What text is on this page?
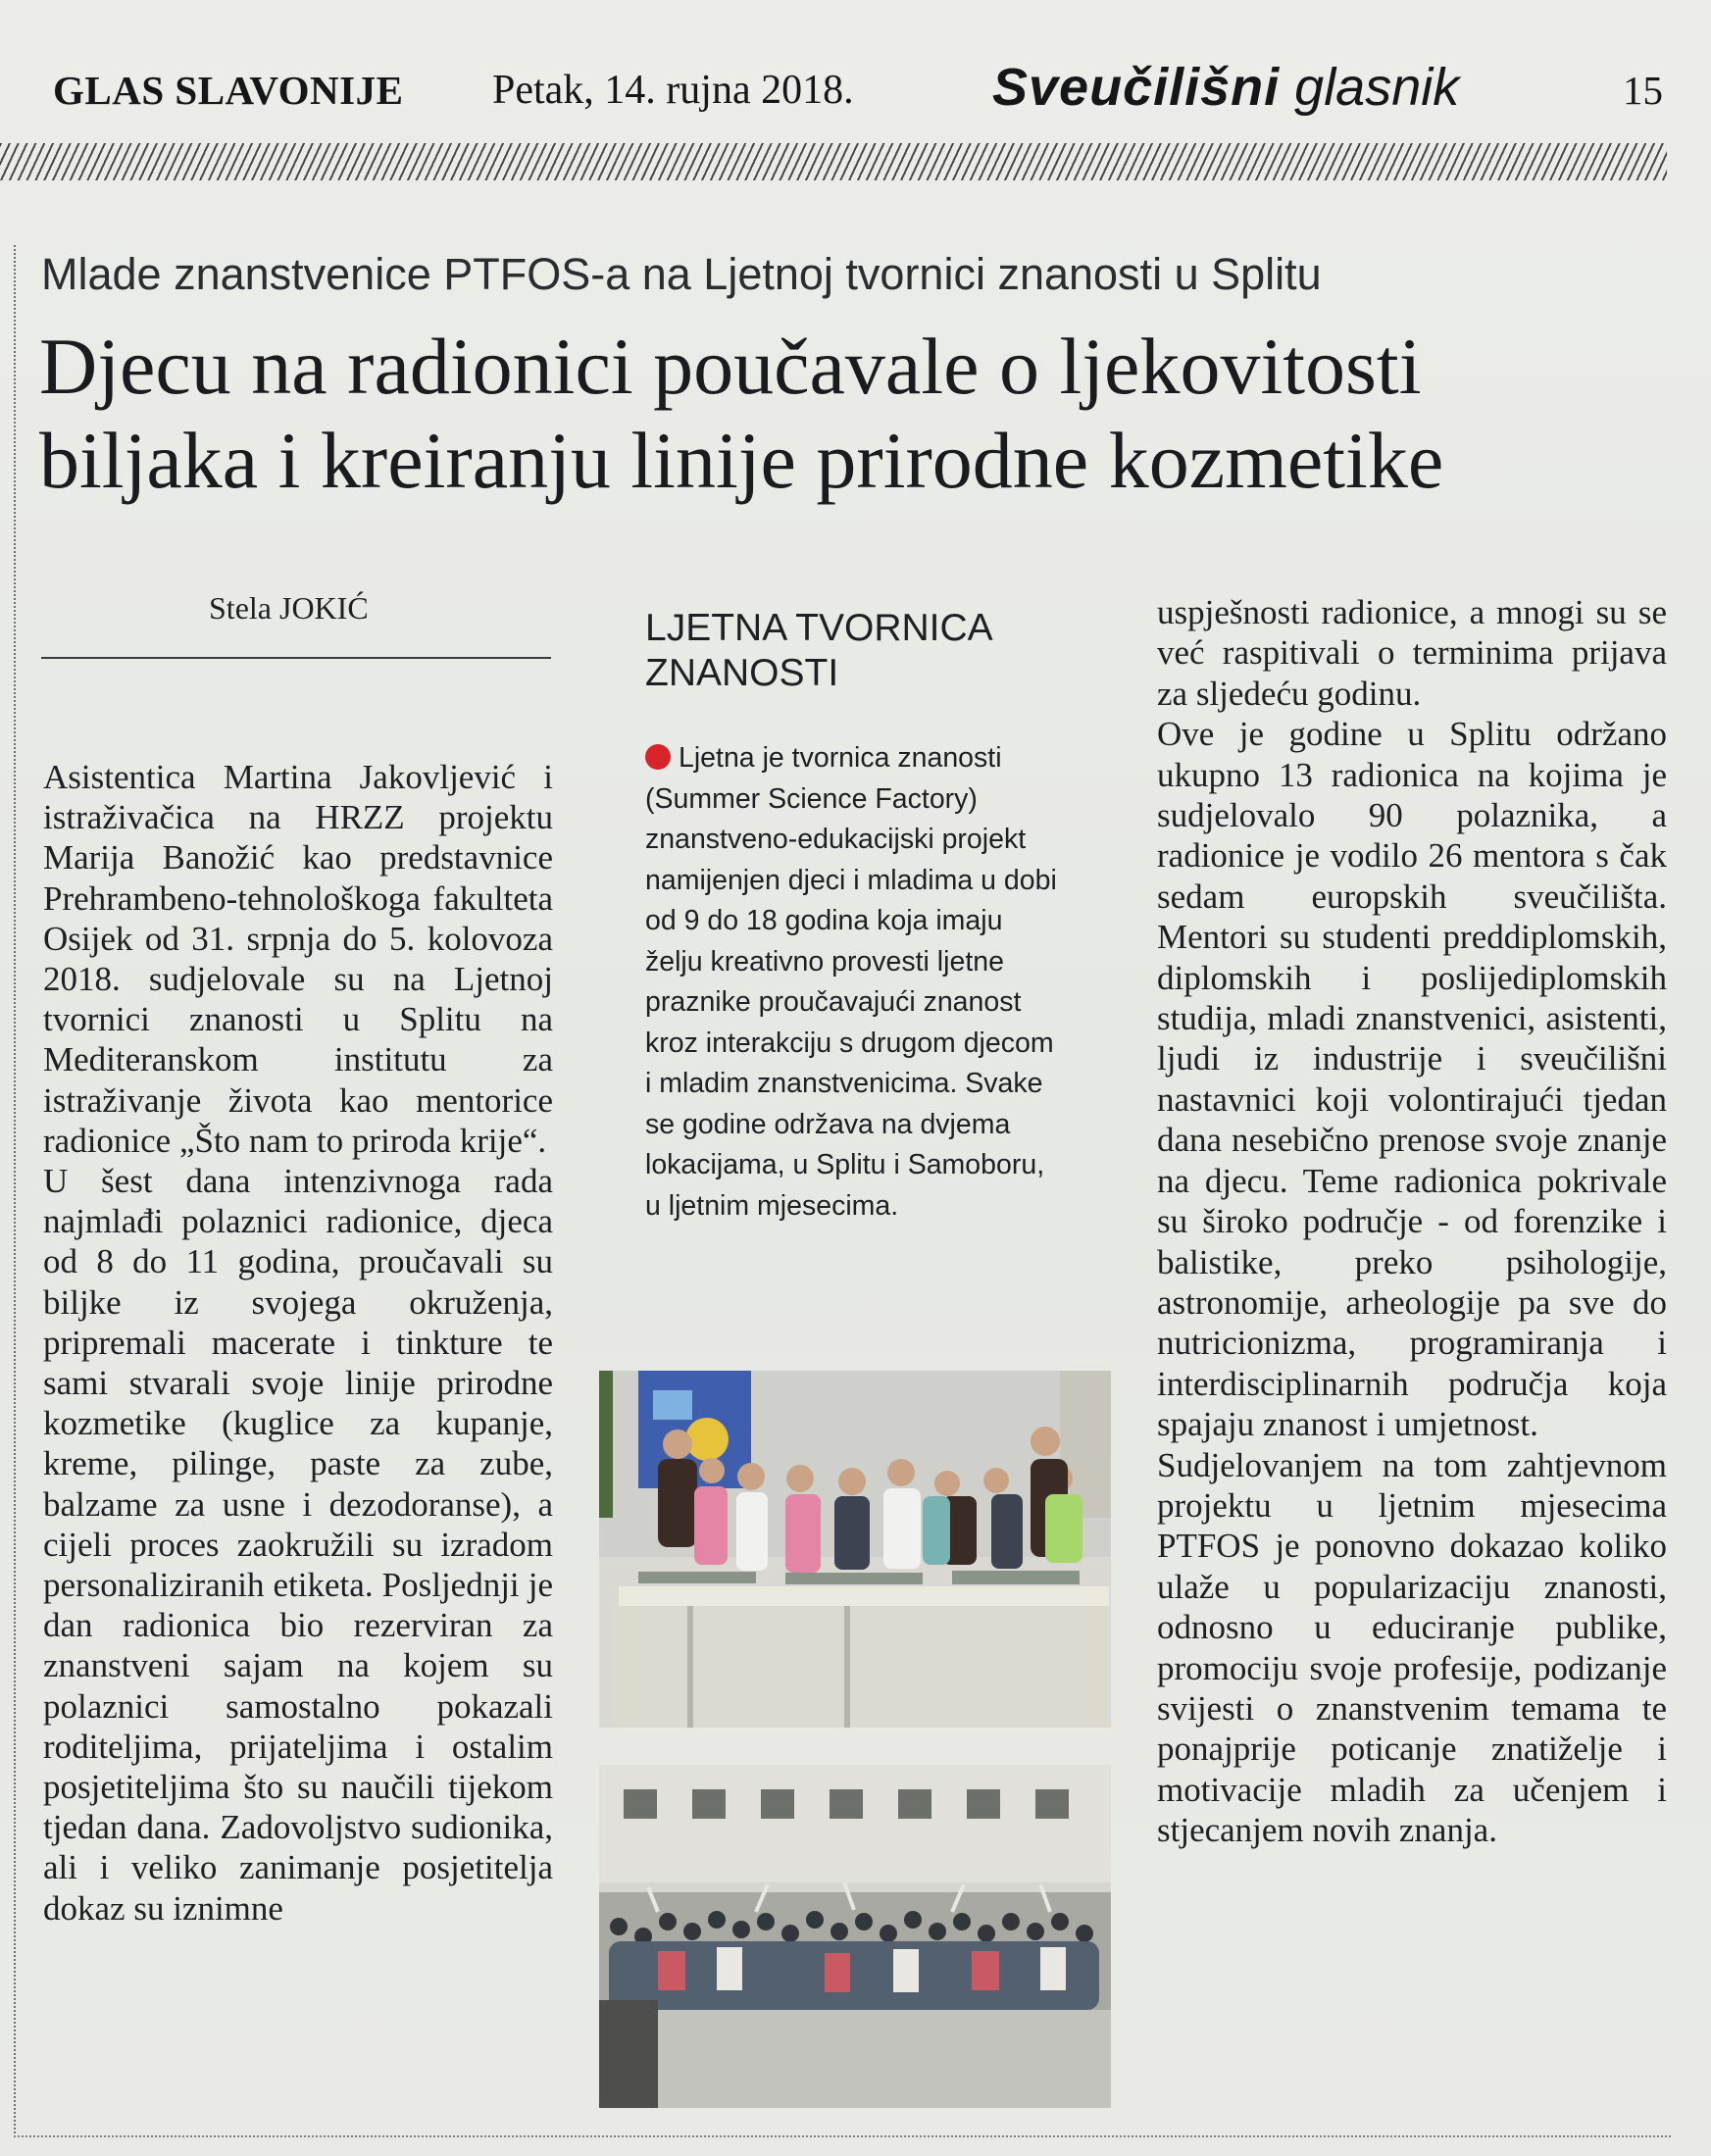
GLAS SLAVONIJE Petak, 14. rujna 2018.	Sveučilišni glasnik	15
Mlade znanstvenice PTFOS-a na Ljetnoj tvornici znanosti u Splitu
Djecu na radionici poučavale o ljekovitosti
biljaka i kreiranju linije prirodne kozmetike
Stela JOKIĆ

Asistentica Martina Jakovljević i istraživačica na HRZZ projektu Marija Banožić kao predstavnice Prehrambeno-tehnološkoga fakulteta Osijek od 31. srpnja do 5. kolovoza 2018. sudjelovale su na Ljetnoj tvornici znanosti u Splitu na Mediteranskom institutu za istraživanje života kao mentorice radionice „Što nam to priroda krije“.

U šest dana intenzivnoga rada najmlađi polaznici radionice, djeca od 8 do 11 godina, proučavali su biljke iz svojega okruženja, pripremali macerate i tinkture te sami stvarali svoje linije prirodne kozmetike (kuglice za kupanje, kreme, pilinge, paste za zube, balzame za usne i dezodoranse), a cijeli proces zaokružili su izradom personaliziranih etiketa. Posljednji je dan radionica bio rezerviran za znanstveni sajam na kojem su polaznici samostalno pokazali roditeljima, prijateljima i ostalim posjetiteljima što su naučili tijekom tjedan dana. Zadovoljstvo sudionika, ali i veliko zanimanje posjetitelja dokaz su iznimne

LJETNA TVORNICA
ZNANOSTI
Ljetna je tvornica znanosti (Summer Science Factory) znanstveno-edukacijski projekt namijenjen djeci i mladima u dobi od 9 do 18 godina koja imaju želju kreativno provesti ljetne praznike proučavajući znanost kroz interakciju s drugom djecom i mladim znanstvenicima. Svake se godine održava na dvjema lokacijama, u Splitu i Samoboru, u ljetnim mjesecima.

uspješnosti radionice, a mnogi su se već raspitivali o terminima prijava za sljedeću godinu.

Ove je godine u Splitu održano ukupno 13 radionica na kojima je sudjelovalo 90 polaznika, a radionice je vodilo 26 mentora s čak sedam europskih sveučilišta. Mentori su studenti preddiplomskih, diplomskih i poslijediplomskih studija, mladi znanstvenici, asistenti, ljudi iz industrije i sveučilišni nastavnici koji volontirajući tjedan dana nesebično prenose svoje znanje na djecu. Teme radionica pokrivale su široko područje - od forenzike i balistike, preko psihologije, astronomije, arheologije pa sve do nutricionizma, programiranja i interdisciplinarnih područja koja spajaju znanost i umjetnost.

Sudjelovanjem na tom zahtjevnom projektu u ljetnim mjesecima PTFOS je ponovno dokazao koliko ulaže u popularizaciju znanosti, odnosno u educiranje publike, promociju svoje profesije, podizanje svijesti o znanstvenim temama te ponajprije poticanje znatiželje i motivacije mladih za učenjem i stjecanjem novih znanja.
